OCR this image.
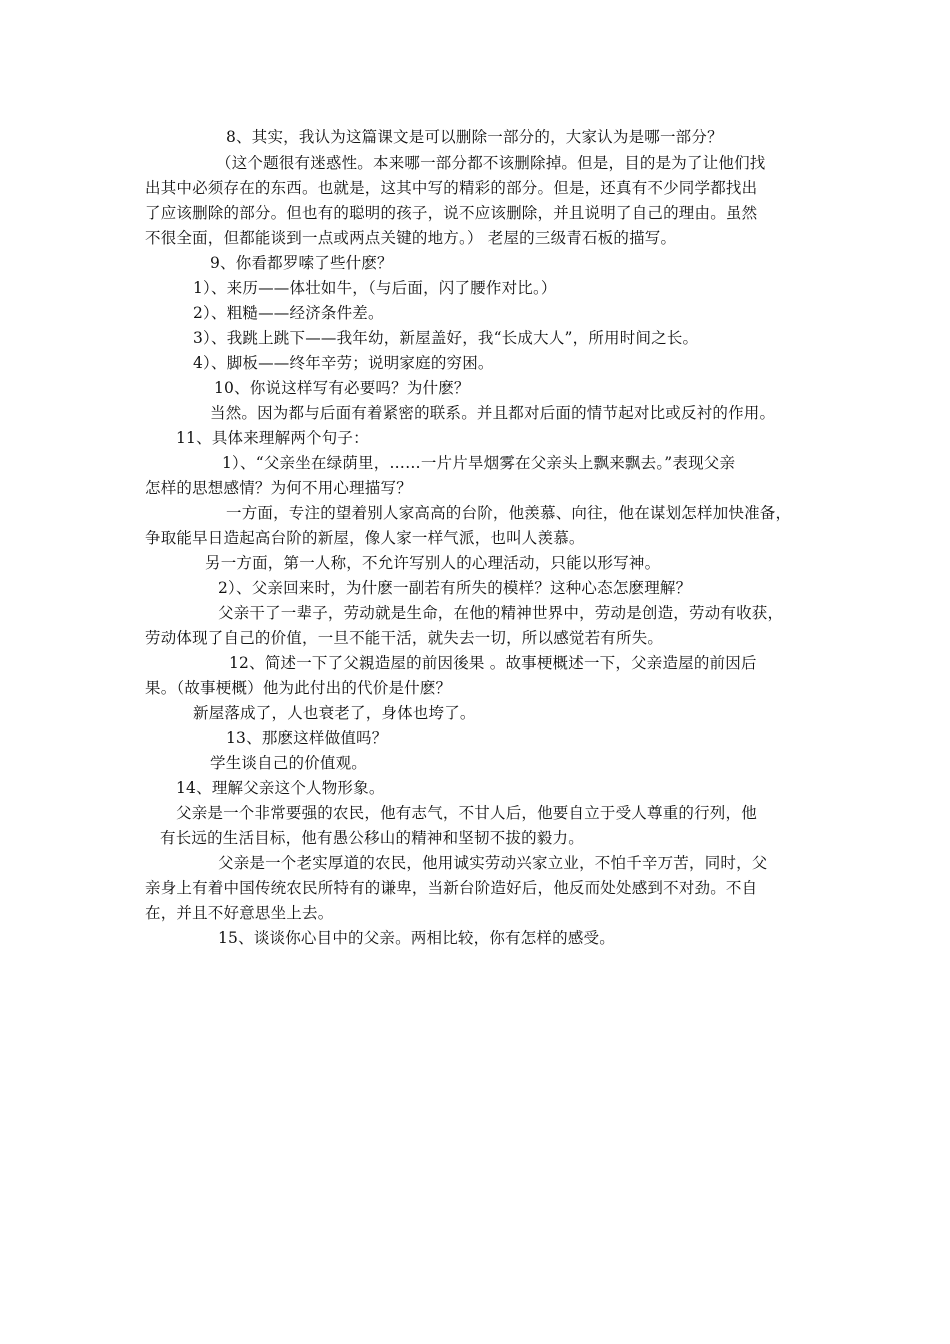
8、其实，我认为这篇课文是可以删除一部分的，大家认为是哪一部分？
（这个题很有迷惑性。本来哪一部分都不该删除掉。但是，目的是为了让他们找
出其中必须存在的东西。也就是，这其中写的精彩的部分。但是，还真有不少同学都找出
了应该删除的部分。但也有的聪明的孩子，说不应该删除，并且说明了自己的理由。虽然
不很全面，但都能谈到一点或两点关键的地方。） 老屋的三级青石板的描写。
9、你看都罗嗦了些什麽？
1）、来历——体壮如牛，（与后面，闪了腰作对比。）
2）、粗糙——经济条件差。
3）、我跳上跳下——我年幼，新屋盖好，我“长成大人”，所用时间之长。
4）、脚板——终年辛劳；说明家庭的穷困。
10、你说这样写有必要吗？为什麽？
当然。因为都与后面有着紧密的联系。并且都对后面的情节起对比或反衬的作用。
11、具体来理解两个句子：
1）、“父亲坐在绿荫里，……一片片旱烟雾在父亲头上飘来飘去。”表现父亲
怎样的思想感情？为何不用心理描写？
一方面，专注的望着别人家高高的台阶，他羡慕、向往，他在谋划怎样加快准备，
争取能早日造起高台阶的新屋，像人家一样气派，也叫人羡慕。
另一方面，第一人称，不允许写别人的心理活动，只能以形写神。
2）、父亲回来时，为什麽一副若有所失的模样？这种心态怎麽理解？
父亲干了一辈子，劳动就是生命，在他的精神世界中，劳动是创造，劳动有收获，
劳动体现了自己的价值，一旦不能干活，就失去一切，所以感觉若有所失。
12、简述一下了父親造屋的前因後果 。故事梗概述一下，父亲造屋的前因后
果。（故事梗概）他为此付出的代价是什麽？
新屋落成了，人也衰老了，身体也垮了。
13、那麽这样做值吗？
学生谈自己的价值观。
14、理解父亲这个人物形象。
父亲是一个非常要强的农民，他有志气，不甘人后，他要自立于受人尊重的行列，他
有长远的生活目标，他有愚公移山的精神和坚韧不拔的毅力。
父亲是一个老实厚道的农民，他用诚实劳动兴家立业，不怕千辛万苦，同时，父
亲身上有着中国传统农民所特有的谦卑，当新台阶造好后，他反而处处感到不对劲。不自
在，并且不好意思坐上去。
15、谈谈你心目中的父亲。两相比较，你有怎样的感受。
